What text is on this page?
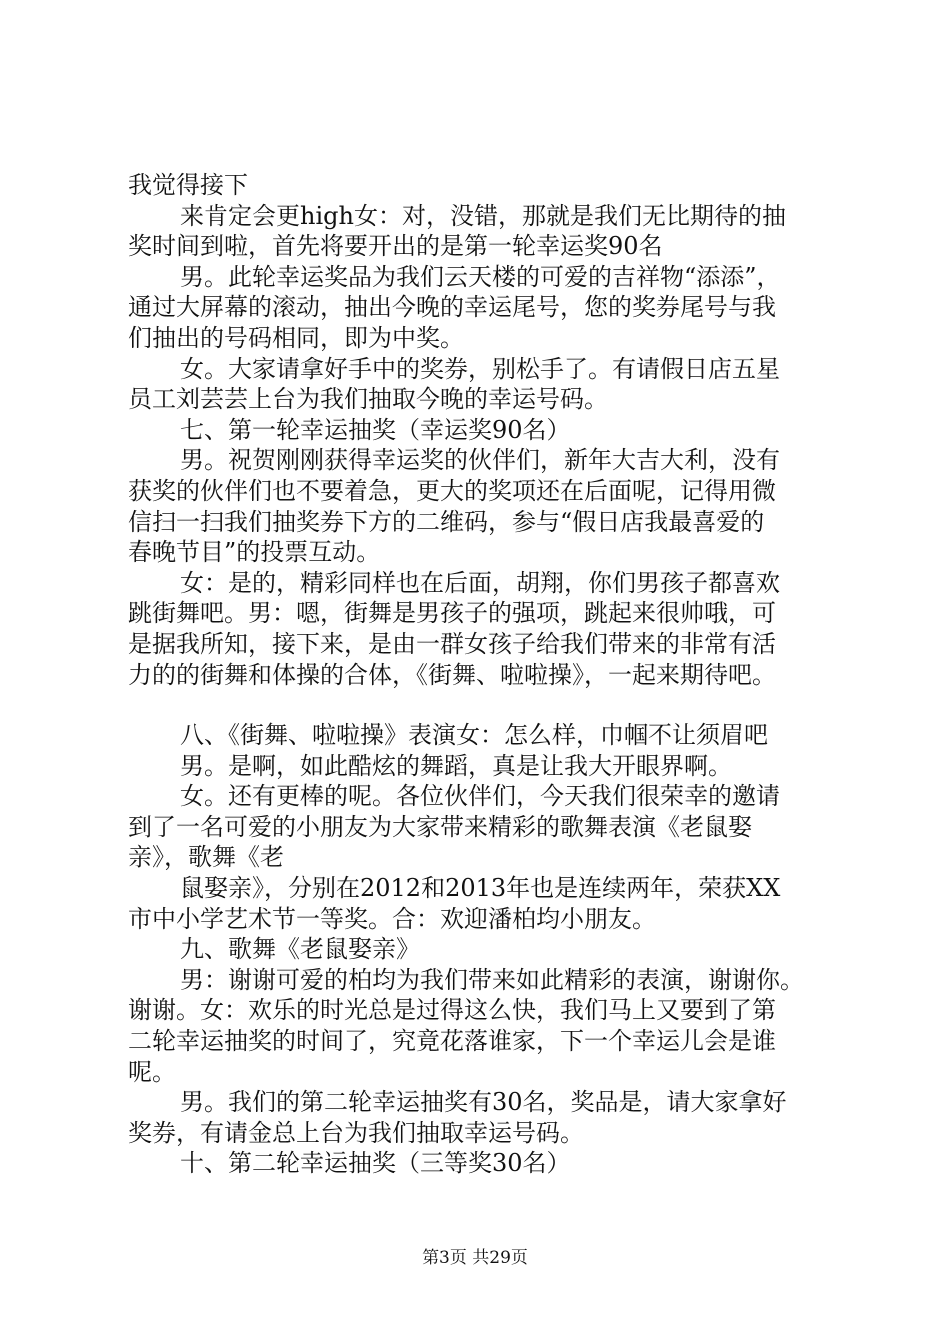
我觉得接下

来肯定会更high女：对，没错，那就是我们无比期待的抽

奖时间到啦，首先将要开出的是第一轮幸运奖90名

男。此轮幸运奖品为我们云天楼的可爱的吉祥物“添添”，

通过大屏幕的滚动，抽出今晚的幸运尾号，您的奖券尾号与我

们抽出的号码相同，即为中奖。

女。大家请拿好手中的奖券，别松手了。有请假日店五星

员工刘芸芸上台为我们抽取今晚的幸运号码。

七、第一轮幸运抽奖（幸运奖90名）

男。祝贺刚刚获得幸运奖的伙伴们，新年大吉大利，没有

获奖的伙伴们也不要着急，更大的奖项还在后面呢，记得用微

信扫一扫我们抽奖券下方的二维码，参与“假日店我最喜爱的

春晚节目”的投票互动。

女：是的，精彩同样也在后面，胡翔，你们男孩子都喜欢

跳街舞吧。男：嗯，街舞是男孩子的强项，跳起来很帅哦，可

是据我所知，接下来，是由一群女孩子给我们带来的非常有活

力的的街舞和体操的合体，《街舞、啦啦操》，一起来期待吧。

八、《街舞、啦啦操》表演女：怎么样，巾帼不让须眉吧

男。是啊，如此酷炫的舞蹈，真是让我大开眼界啊。

女。还有更棒的呢。各位伙伴们，今天我们很荣幸的邀请

到了一名可爱的小朋友为大家带来精彩的歌舞表演《老鼠娶

亲》，歌舞《老

鼠娶亲》，分别在2012和2013年也是连续两年，荣获XX

市中小学艺术节一等奖。合：欢迎潘柏均小朋友。

九、歌舞《老鼠娶亲》

男：谢谢可爱的柏均为我们带来如此精彩的表演，谢谢你。

谢谢。女：欢乐的时光总是过得这么快，我们马上又要到了第

二轮幸运抽奖的时间了，究竟花落谁家，下一个幸运儿会是谁

呢。

男。我们的第二轮幸运抽奖有30名，奖品是，请大家拿好

奖券，有请金总上台为我们抽取幸运号码。

十、第二轮幸运抽奖（三等奖30名）

第3页 共29页
